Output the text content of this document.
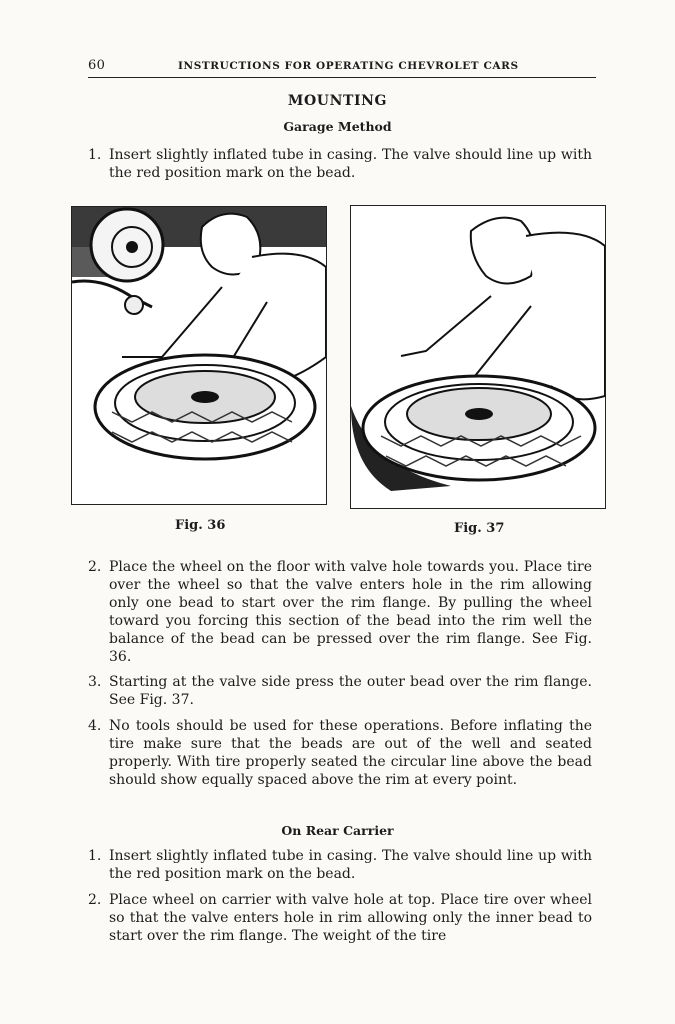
60	INSTRUCTIONS FOR OPERATING CHEVROLET CARS
MOUNTING
Garage Method
1. Insert slightly inflated tube in casing. The valve should line up with the red position mark on the bead.
Fig. 36	Fig. 37
2. Place the wheel on the floor with valve hole towards you. Place tire over the wheel so that the valve enters hole in the rim allowing only one bead to start over the rim flange. By pulling the wheel toward you forcing this section of the bead into the rim well the balance of the bead can be pressed over the rim flange. See Fig. 36.
3. Starting at the valve side press the outer bead over the rim flange. See Fig. 37.
4. No tools should be used for these operations. Before inflating the tire make sure that the beads are out of the well and seated properly. With tire properly seated the circular line above the bead should show equally spaced above the rim at every point.
On Rear Carrier
1. Insert slightly inflated tube in casing. The valve should line up with the red position mark on the bead.
2. Place wheel on carrier with valve hole at top. Place tire over wheel so that the valve enters hole in rim allowing only the inner bead to start over the rim flange. The weight of the tire
